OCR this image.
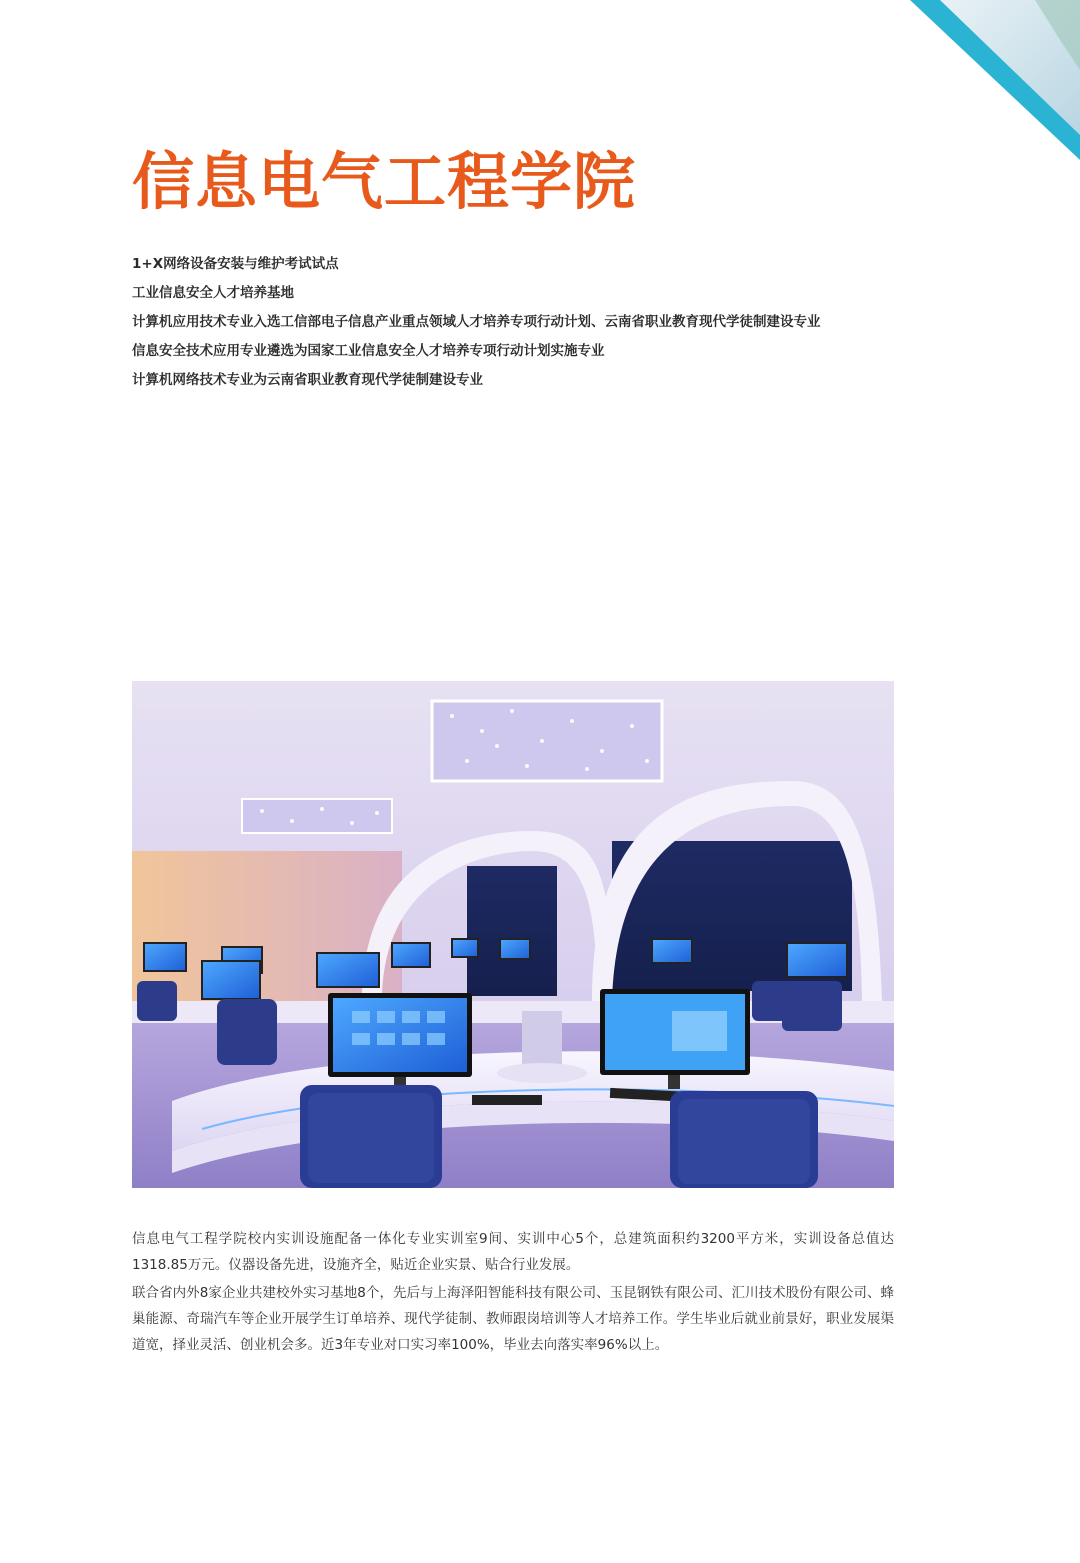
信息电气工程学院
1+X网络设备安装与维护考试试点
工业信息安全人才培养基地
计算机应用技术专业入选工信部电子信息产业重点领域人才培养专项行动计划、云南省职业教育现代学徒制建设专业
信息安全技术应用专业遴选为国家工业信息安全人才培养专项行动计划实施专业
计算机网络技术专业为云南省职业教育现代学徒制建设专业

信息电气工程学院校内实训设施配备一体化专业实训室9间、实训中心5个，总建筑面积约3200平方米，实训设备总值达1318.85万元。仪器设备先进，设施齐全，贴近企业实景、贴合行业发展。

联合省内外8家企业共建校外实习基地8个，先后与上海泽阳智能科技有限公司、玉昆钢铁有限公司、汇川技术股份有限公司、蜂巢能源、奇瑞汽车等企业开展学生订单培养、现代学徒制、教师跟岗培训等人才培养工作。学生毕业后就业前景好，职业发展渠道宽，择业灵活、创业机会多。近3年专业对口实习率100%，毕业去向落实率96%以上。
